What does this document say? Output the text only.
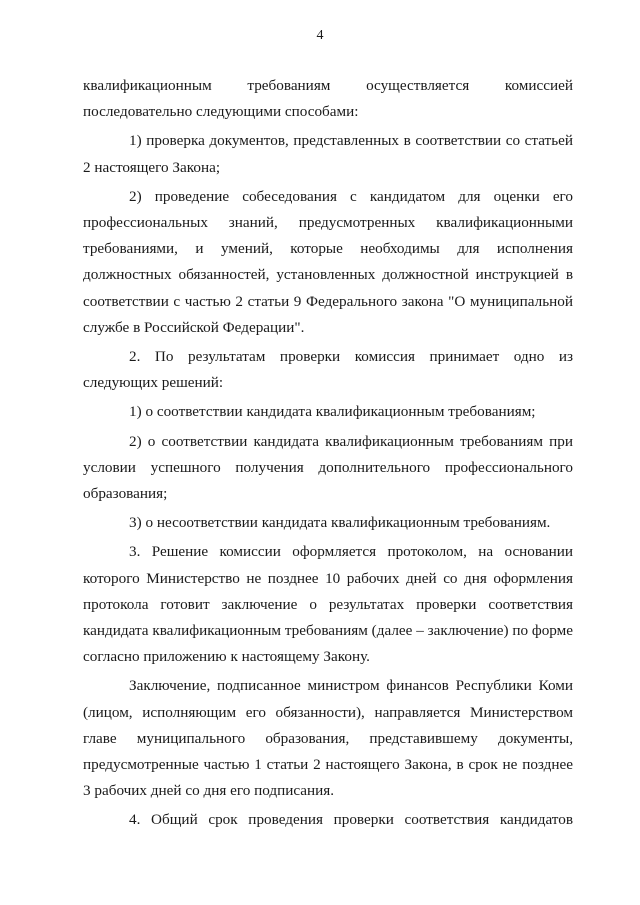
4

квалификационным требованиям осуществляется комиссией последовательно следующими способами:

1) проверка документов, представленных в соответствии со статьей 2 настоящего Закона;

2) проведение собеседования с кандидатом для оценки его профессиональных знаний, предусмотренных квалификационными требованиями, и умений, которые необходимы для исполнения должностных обязанностей, установленных должностной инструкцией в соответствии с частью 2 статьи 9 Федерального закона "О муниципальной службе в Российской Федерации".

2. По результатам проверки комиссия принимает одно из следующих решений:

1) о соответствии кандидата квалификационным требованиям;

2) о соответствии кандидата квалификационным требованиям при условии успешного получения дополнительного профессионального образования;

3) о несоответствии кандидата квалификационным требованиям.

3. Решение комиссии оформляется протоколом, на основании которого Министерство не позднее 10 рабочих дней со дня оформления протокола готовит заключение о результатах проверки соответствия кандидата квалификационным требованиям (далее – заключение) по форме согласно приложению к настоящему Закону.

Заключение, подписанное министром финансов Республики Коми (лицом, исполняющим его обязанности), направляется Министерством главе муниципального образования, представившему документы, предусмотренные частью 1 статьи 2 настоящего Закона, в срок не позднее 3 рабочих дней со дня его подписания.

4. Общий срок проведения проверки соответствия кандидатов
